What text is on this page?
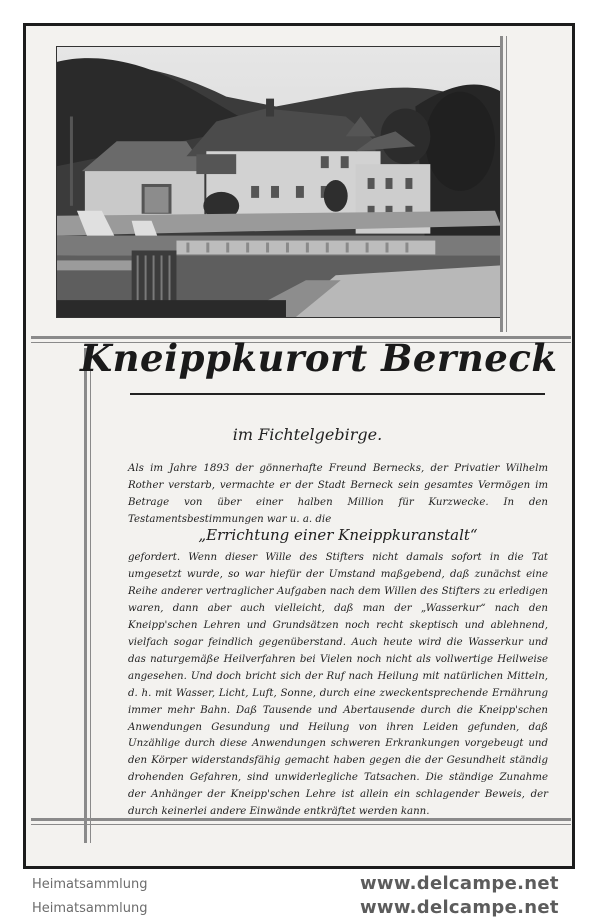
Kneippkurort Berneck
im Fichtelgebirge.
Als im Jahre 1893 der gönnerhafte Freund Bernecks, der Privatier Wilhelm Rother verstarb, vermachte er der Stadt Berneck sein gesamtes Vermögen im Betrage von über einer halben Million für Kurzwecke. In den Testamentsbestimmungen war u. a. die
„Errichtung einer Kneippkuranstalt“
gefordert. Wenn dieser Wille des Stifters nicht damals sofort in die Tat umgesetzt wurde, so war hiefür der Umstand maßgebend, daß zunächst eine Reihe anderer vertraglicher Aufgaben nach dem Willen des Stifters zu erledigen waren, dann aber auch vielleicht, daß man der „Wasserkur“ nach den Kneipp'schen Lehren und Grundsätzen noch recht skeptisch und ablehnend, vielfach sogar feindlich gegenüberstand. Auch heute wird die Wasserkur und das naturgemäße Heilverfahren bei Vielen noch nicht als vollwertige Heilweise angesehen. Und doch bricht sich der Ruf nach Heilung mit natürlichen Mitteln, d. h. mit Wasser, Licht, Luft, Sonne, durch eine zweckentsprechende Ernährung immer mehr Bahn. Daß Tausende und Abertausende durch die Kneipp'schen Anwendungen Gesundung und Heilung von ihren Leiden gefunden, daß Unzählige durch diese Anwendungen schweren Erkrankungen vorgebeugt und den Körper widerstandsfähig gemacht haben gegen die der Gesundheit ständig drohenden Gefahren, sind unwiderlegliche Tatsachen. Die ständige Zunahme der Anhänger der Kneipp'schen Lehre ist allein ein schlagender Beweis, der durch keinerlei andere Einwände entkräftet werden kann.
Heimatsammlung	www.delcampe.net
Heimatsammlung	www.delcampe.net
